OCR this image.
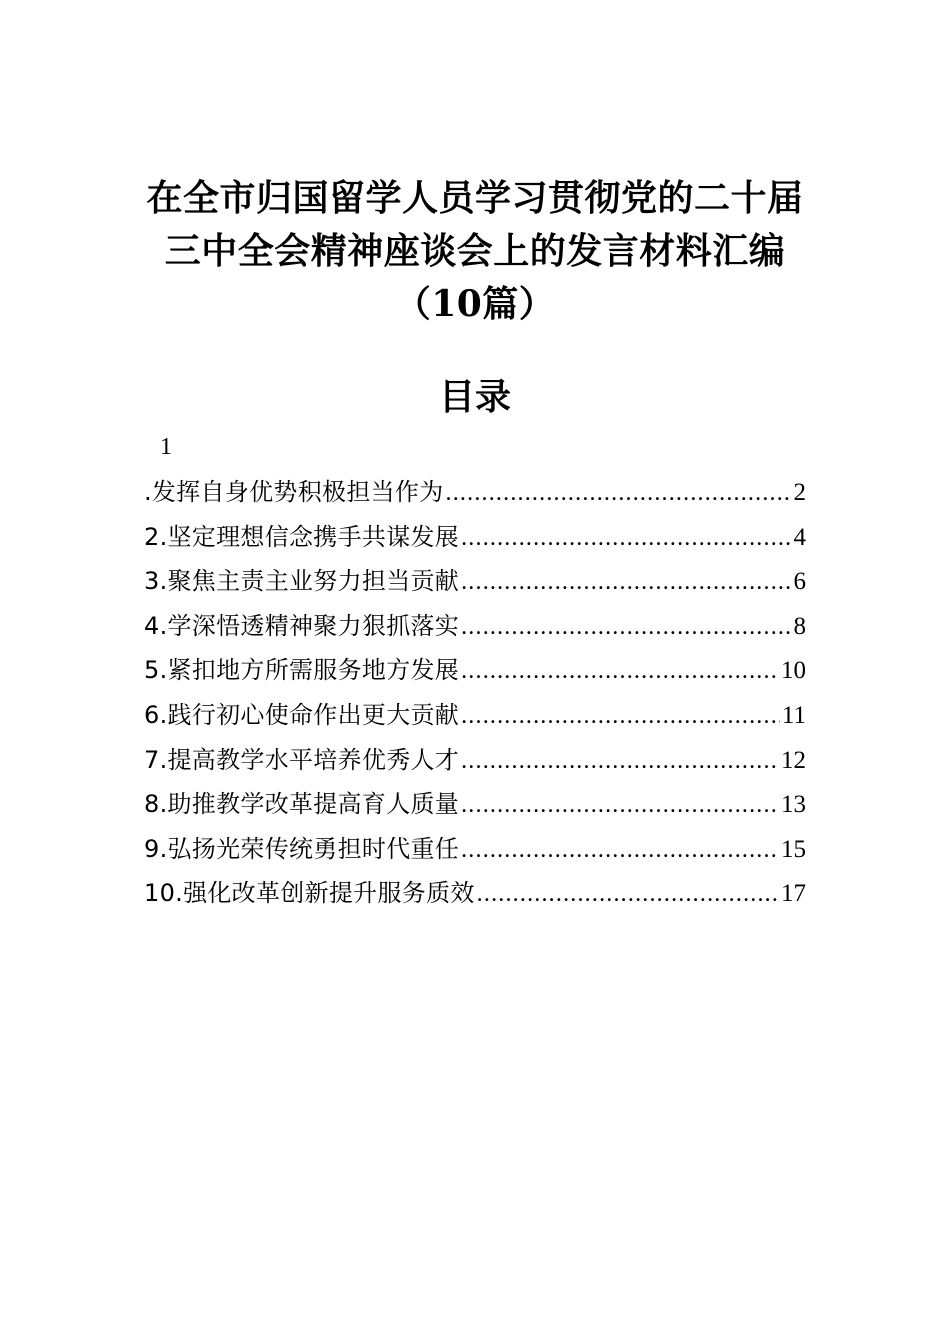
在全市归国留学人员学习贯彻党的二十届
三中全会精神座谈会上的发言材料汇编
（10篇）
目录
1
.发挥自身优势积极担当作为 .....	2
2.坚定理想信念携手共谋发展 .....	4
3.聚焦主责主业努力担当贡献 .....	6
4.学深悟透精神聚力狠抓落实 .....	8
5.紧扣地方所需服务地方发展 .....	10
6.践行初心使命作出更大贡献 .....	11
7.提高教学水平培养优秀人才 .....	12
8.助推教学改革提高育人质量 .....	13
9.弘扬光荣传统勇担时代重任 .....	15
10.强化改革创新提升服务质效 .....	17
